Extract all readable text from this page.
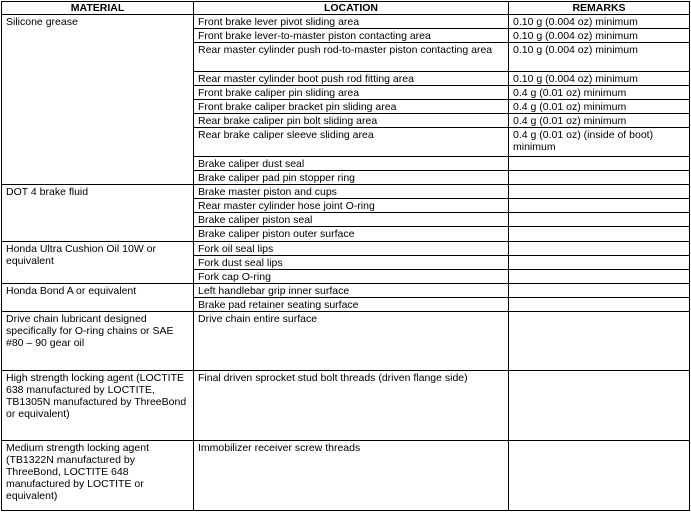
MATERIAL	LOCATION	REMARKS
Silicone grease	Front brake lever pivot sliding area	0.10 g (0.004 oz) minimum
	Front brake lever-to-master piston contacting area	0.10 g (0.004 oz) minimum
	Rear master cylinder push rod-to-master piston contacting area	0.10 g (0.004 oz) minimum
	Rear master cylinder boot push rod fitting area	0.10 g (0.004 oz) minimum
	Front brake caliper pin sliding area	0.4 g (0.01 oz) minimum
	Front brake caliper bracket pin sliding area	0.4 g (0.01 oz) minimum
	Rear brake caliper pin bolt sliding area	0.4 g (0.01 oz) minimum
	Rear brake caliper sleeve sliding area	0.4 g (0.01 oz) (inside of boot) minimum
	Brake caliper dust seal	
	Brake caliper pad pin stopper ring	
DOT 4 brake fluid	Brake master piston and cups	
	Rear master cylinder hose joint O-ring	
	Brake caliper piston seal	
	Brake caliper piston outer surface	
Honda Ultra Cushion Oil 10W or equivalent	Fork oil seal lips	
	Fork dust seal lips	
	Fork cap O-ring	
Honda Bond A or equivalent	Left handlebar grip inner surface	
	Brake pad retainer seating surface	
Drive chain lubricant designed specifically for O-ring chains or SAE #80 – 90 gear oil	Drive chain entire surface	
High strength locking agent (LOCTITE 638 manufactured by LOCTITE, TB1305N manufactured by ThreeBond or equivalent)	Final driven sprocket stud bolt threads (driven flange side)	
Medium strength locking agent (TB1322N manufactured by ThreeBond, LOCTITE 648 manufactured by LOCTITE or equivalent)	Immobilizer receiver screw threads	
